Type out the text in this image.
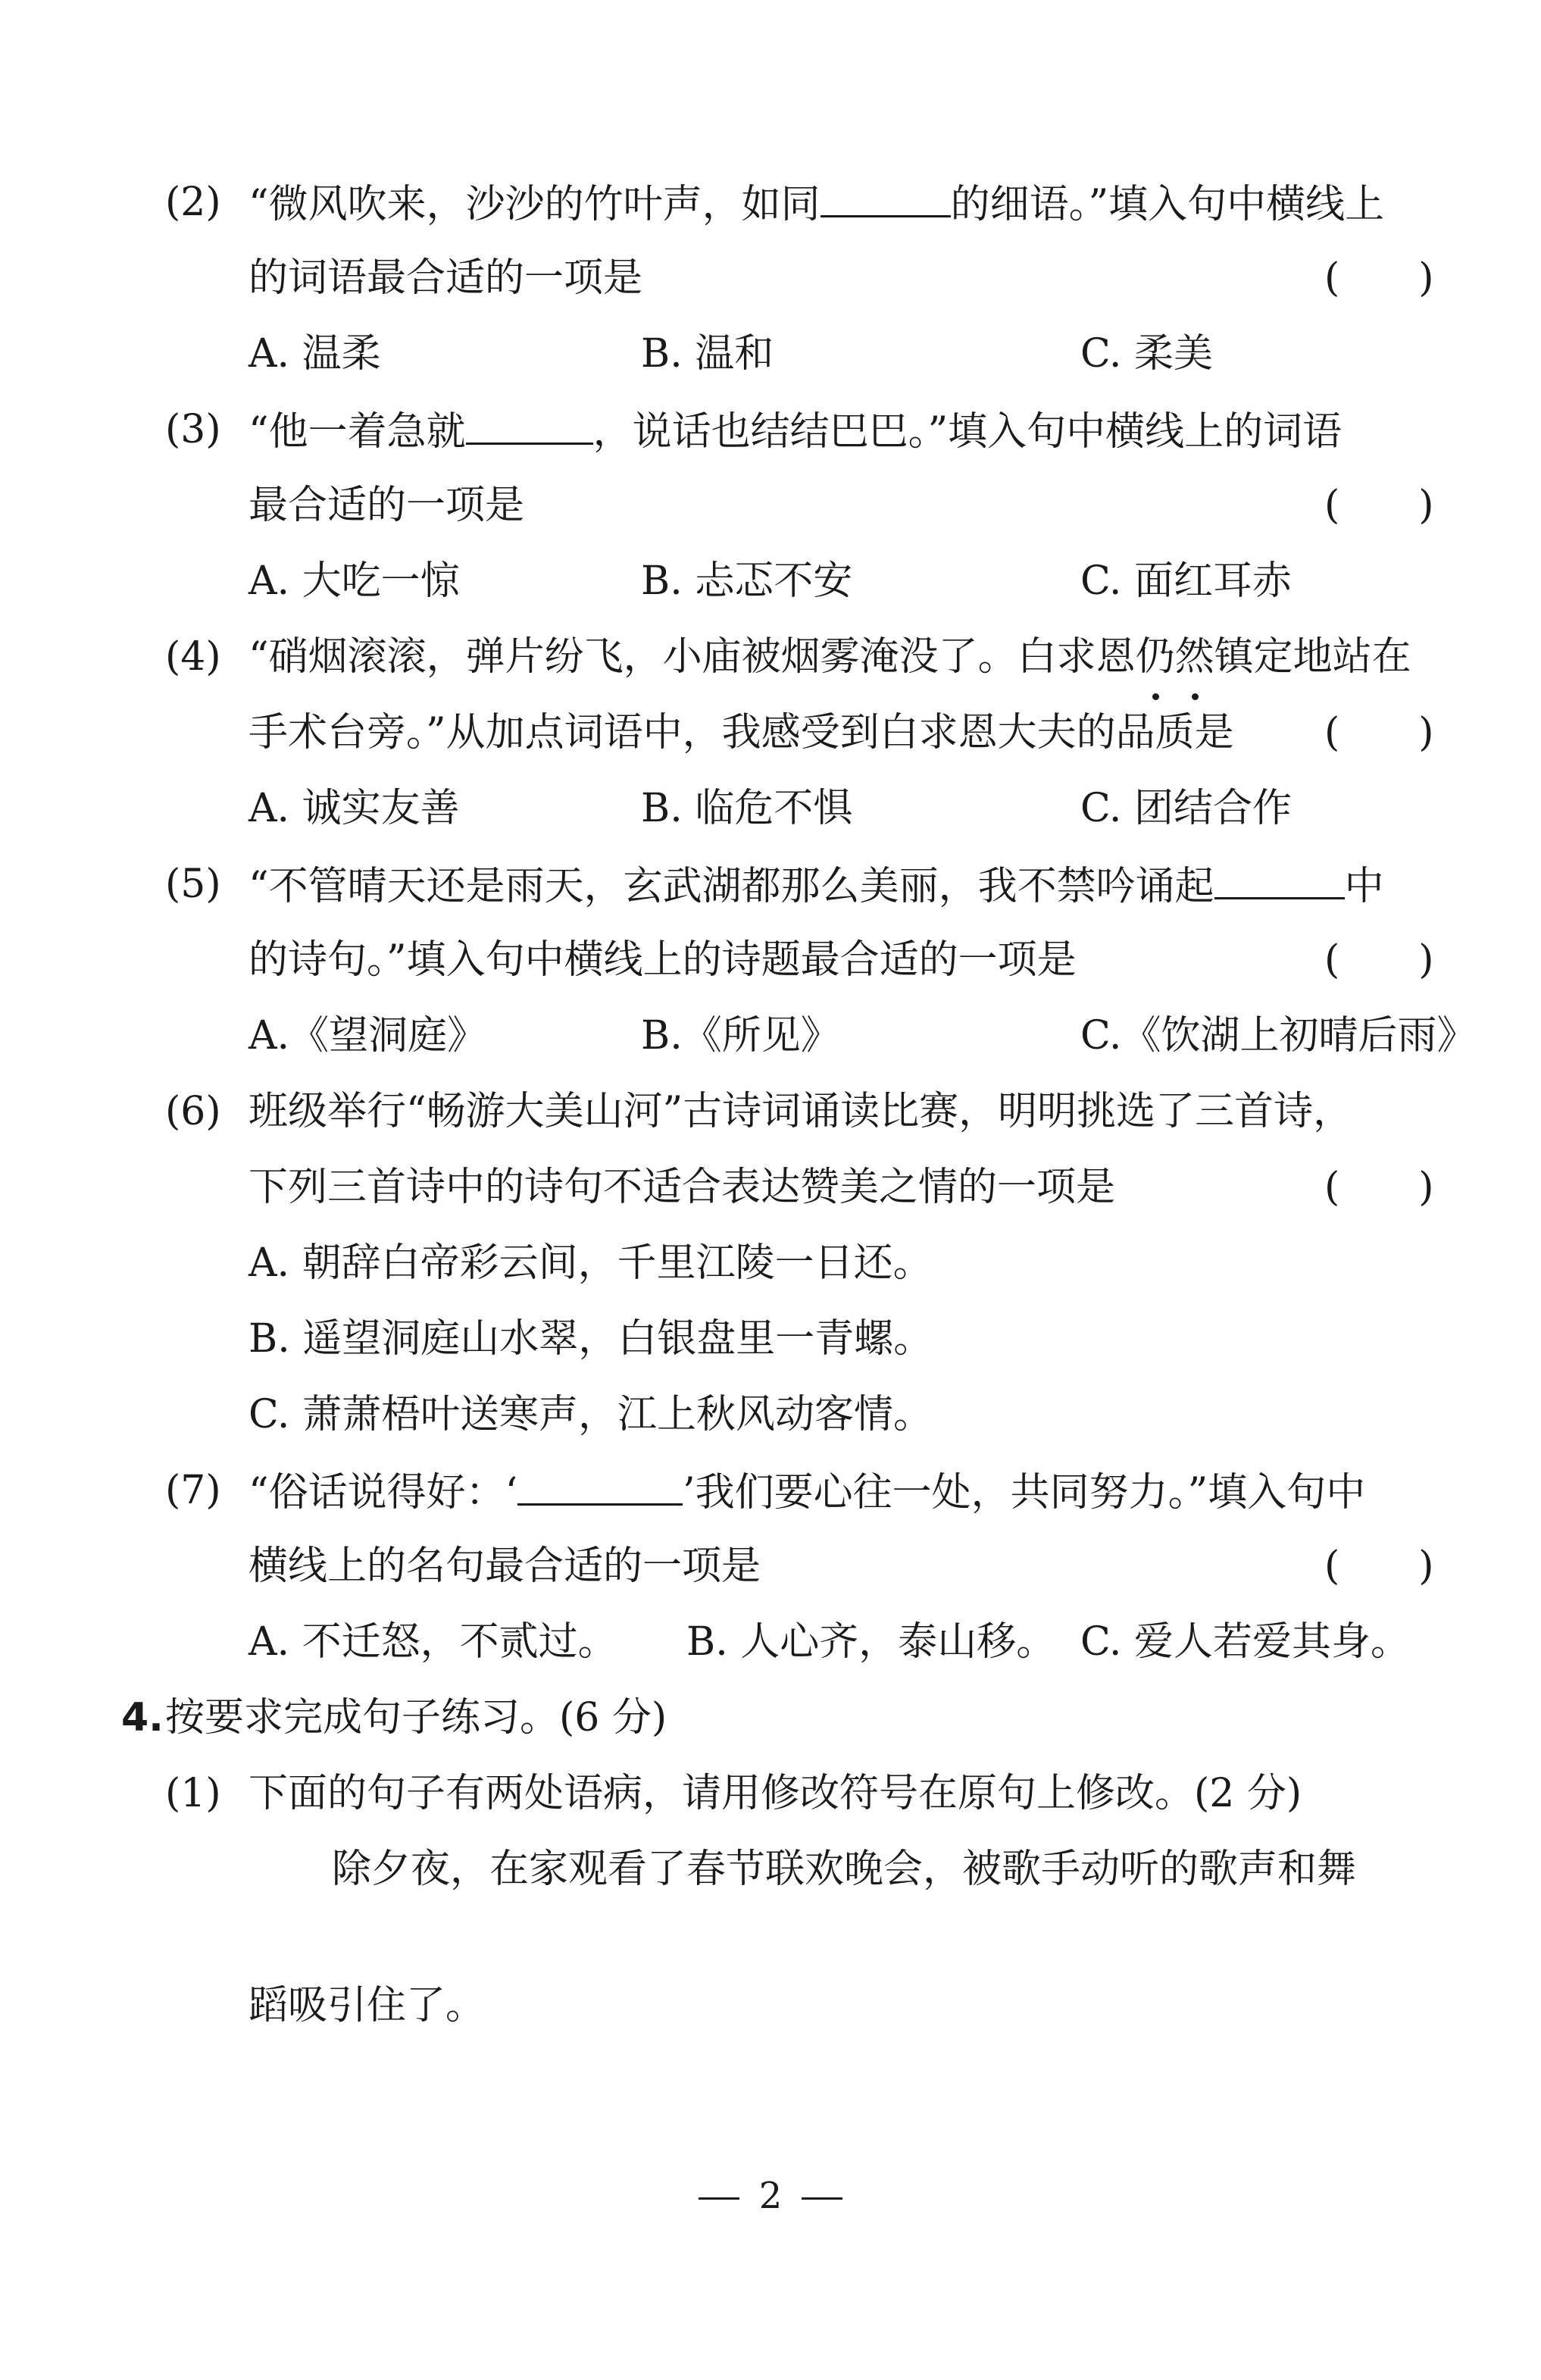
(2) “微风吹来，沙沙的竹叶声，如同	的细语。”填入句中横线上
的词语最合适的一项是	(　　)
A. 温柔	B. 温和	C. 柔美
(3) “他一着急就	，说话也结结巴巴。”填入句中横线上的词语
最合适的一项是	(　　)
A. 大吃一惊	B. 忐忑不安	C. 面红耳赤
(4) “硝烟滚滚，弹片纷飞，小庙被烟雾淹没了。白求恩仍然镇定地站在
手术台旁。”从加点词语中，我感受到白求恩大夫的品质是 (　　)
A. 诚实友善	B. 临危不惧	C. 团结合作
(5) “不管晴天还是雨天，玄武湖都那么美丽，我不禁吟诵起	中
的诗句。”填入句中横线上的诗题最合适的一项是	(　　)
A.《望洞庭》	B.《所见》	C.《饮湖上初晴后雨》
(6) 班级举行“畅游大美山河”古诗词诵读比赛，明明挑选了三首诗，
下列三首诗中的诗句不适合表达赞美之情的一项是	(　　)
A. 朝辞白帝彩云间，千里江陵一日还。
B. 遥望洞庭山水翠，白银盘里一青螺。
C. 萧萧梧叶送寒声，江上秋风动客情。
(7) “俗话说得好：‘	’我们要心往一处，共同努力。”填入句中
横线上的名句最合适的一项是	(　　)
A. 不迁怒，不贰过。 B. 人心齐，泰山移。 C. 爱人若爱其身。
4. 按要求完成句子练习。(6 分)
(1) 下面的句子有两处语病，请用修改符号在原句上修改。(2 分)
除夕夜，在家观看了春节联欢晚会，被歌手动听的歌声和舞
蹈吸引住了。
2
